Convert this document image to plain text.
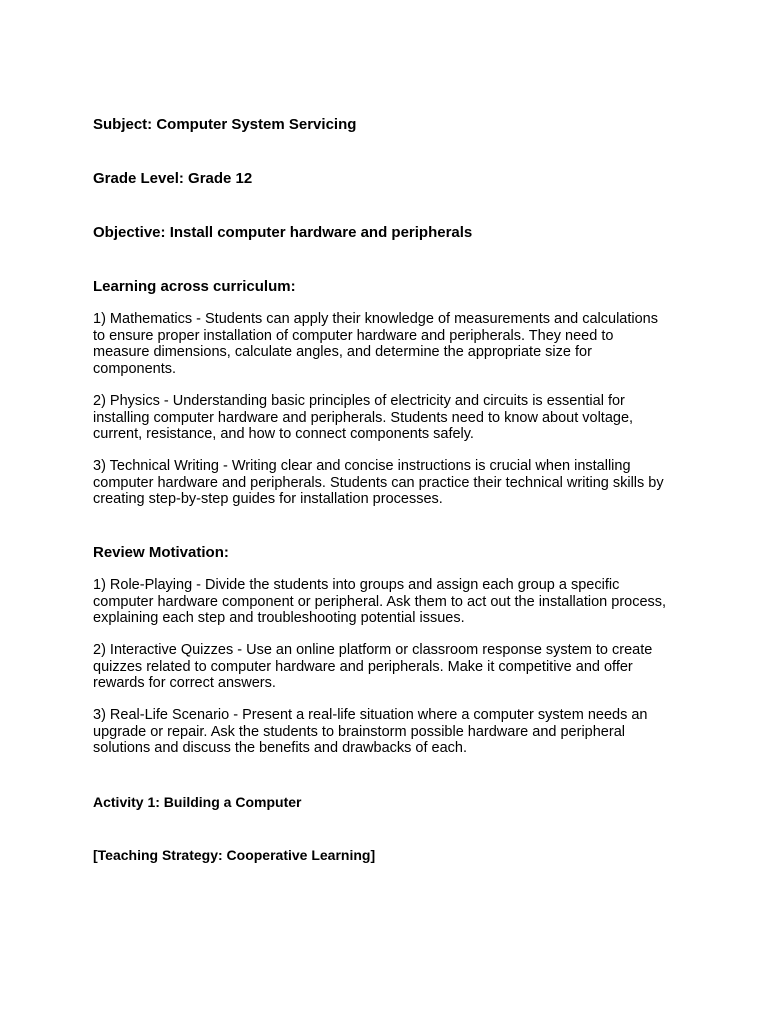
Subject: Computer System Servicing
Grade Level: Grade 12
Objective: Install computer hardware and peripherals
Learning across curriculum:

1) Mathematics - Students can apply their knowledge of measurements and calculations to ensure proper installation of computer hardware and peripherals. They need to measure dimensions, calculate angles, and determine the appropriate size for components.

2) Physics - Understanding basic principles of electricity and circuits is essential for installing computer hardware and peripherals. Students need to know about voltage, current, resistance, and how to connect components safely.

3) Technical Writing - Writing clear and concise instructions is crucial when installing computer hardware and peripherals. Students can practice their technical writing skills by creating step-by-step guides for installation processes.

Review Motivation:

1) Role-Playing - Divide the students into groups and assign each group a specific computer hardware component or peripheral. Ask them to act out the installation process, explaining each step and troubleshooting potential issues.

2) Interactive Quizzes - Use an online platform or classroom response system to create quizzes related to computer hardware and peripherals. Make it competitive and offer rewards for correct answers.

3) Real-Life Scenario - Present a real-life situation where a computer system needs an upgrade or repair. Ask the students to brainstorm possible hardware and peripheral solutions and discuss the benefits and drawbacks of each.

Activity 1: Building a Computer
[Teaching Strategy: Cooperative Learning]
